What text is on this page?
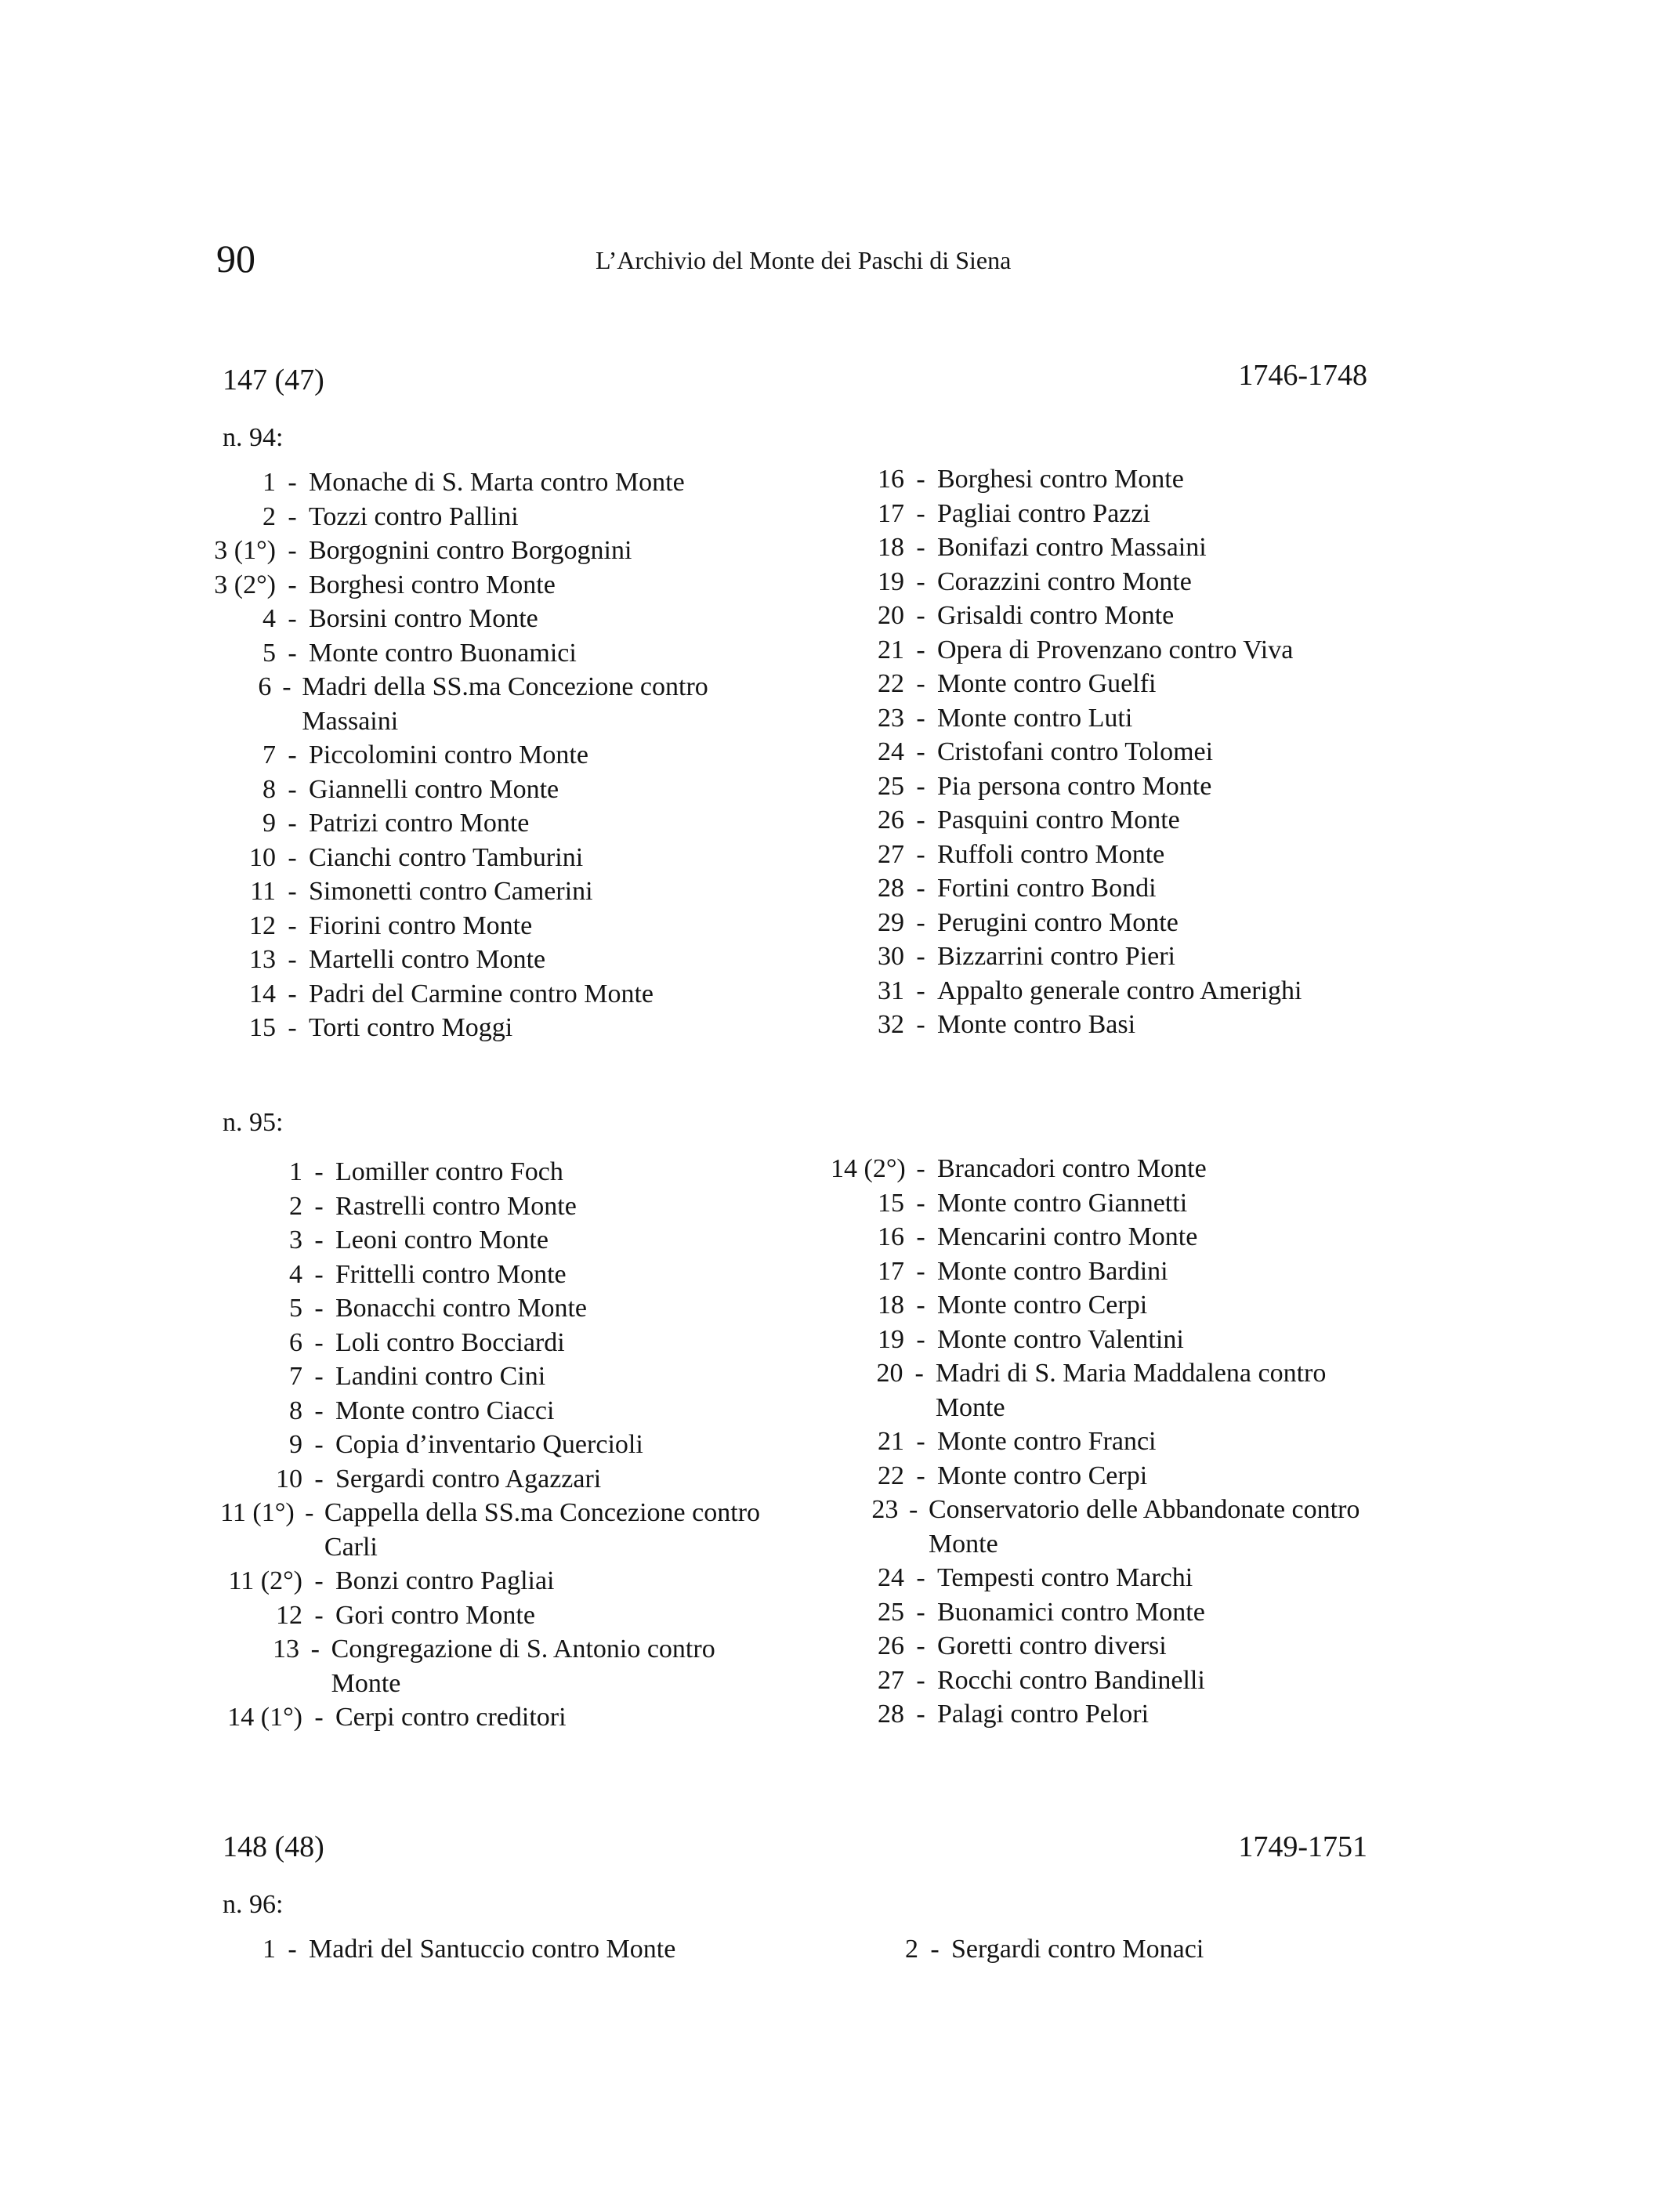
90	L’Archivio del Monte dei Paschi di Siena
147 (47)	1746-1748
n. 94:
1 - Monache di S. Marta contro Monte
2 - Tozzi contro Pallini
3 (1°) - Borgognini contro Borgognini
3 (2°) - Borghesi contro Monte
4 - Borsini contro Monte
5 - Monte contro Buonamici
6 - Madri della SS.ma Concezione contro Massaini
7 - Piccolomini contro Monte
8 - Giannelli contro Monte
9 - Patrizi contro Monte
10 - Cianchi contro Tamburini
11 - Simonetti contro Camerini
12 - Fiorini contro Monte
13 - Martelli contro Monte
14 - Padri del Carmine contro Monte
15 - Torti contro Moggi
16 - Borghesi contro Monte
17 - Pagliai contro Pazzi
18 - Bonifazi contro Massaini
19 - Corazzini contro Monte
20 - Grisaldi contro Monte
21 - Opera di Provenzano contro Viva
22 - Monte contro Guelfi
23 - Monte contro Luti
24 - Cristofani contro Tolomei
25 - Pia persona contro Monte
26 - Pasquini contro Monte
27 - Ruffoli contro Monte
28 - Fortini contro Bondi
29 - Perugini contro Monte
30 - Bizzarrini contro Pieri
31 - Appalto generale contro Amerighi
32 - Monte contro Basi
n. 95:
1 - Lomiller contro Foch
2 - Rastrelli contro Monte
3 - Leoni contro Monte
4 - Frittelli contro Monte
5 - Bonacchi contro Monte
6 - Loli contro Bocciardi
7 - Landini contro Cini
8 - Monte contro Ciacci
9 - Copia d’inventario Quercioli
10 - Sergardi contro Agazzari
11 (1°) - Cappella della SS.ma Concezione contro Carli
11 (2°) - Bonzi contro Pagliai
12 - Gori contro Monte
13 - Congregazione di S. Antonio contro Monte
14 (1°) - Cerpi contro creditori
14 (2°) - Brancadori contro Monte
15 - Monte contro Giannetti
16 - Mencarini contro Monte
17 - Monte contro Bardini
18 - Monte contro Cerpi
19 - Monte contro Valentini
20 - Madri di S. Maria Maddalena contro Monte
21 - Monte contro Franci
22 - Monte contro Cerpi
23 - Conservatorio delle Abbandonate contro Monte
24 - Tempesti contro Marchi
25 - Buonamici contro Monte
26 - Goretti contro diversi
27 - Rocchi contro Bandinelli
28 - Palagi contro Pelori
148 (48)	1749-1751
n. 96:
1 - Madri del Santuccio contro Monte	2 - Sergardi contro Monaci
